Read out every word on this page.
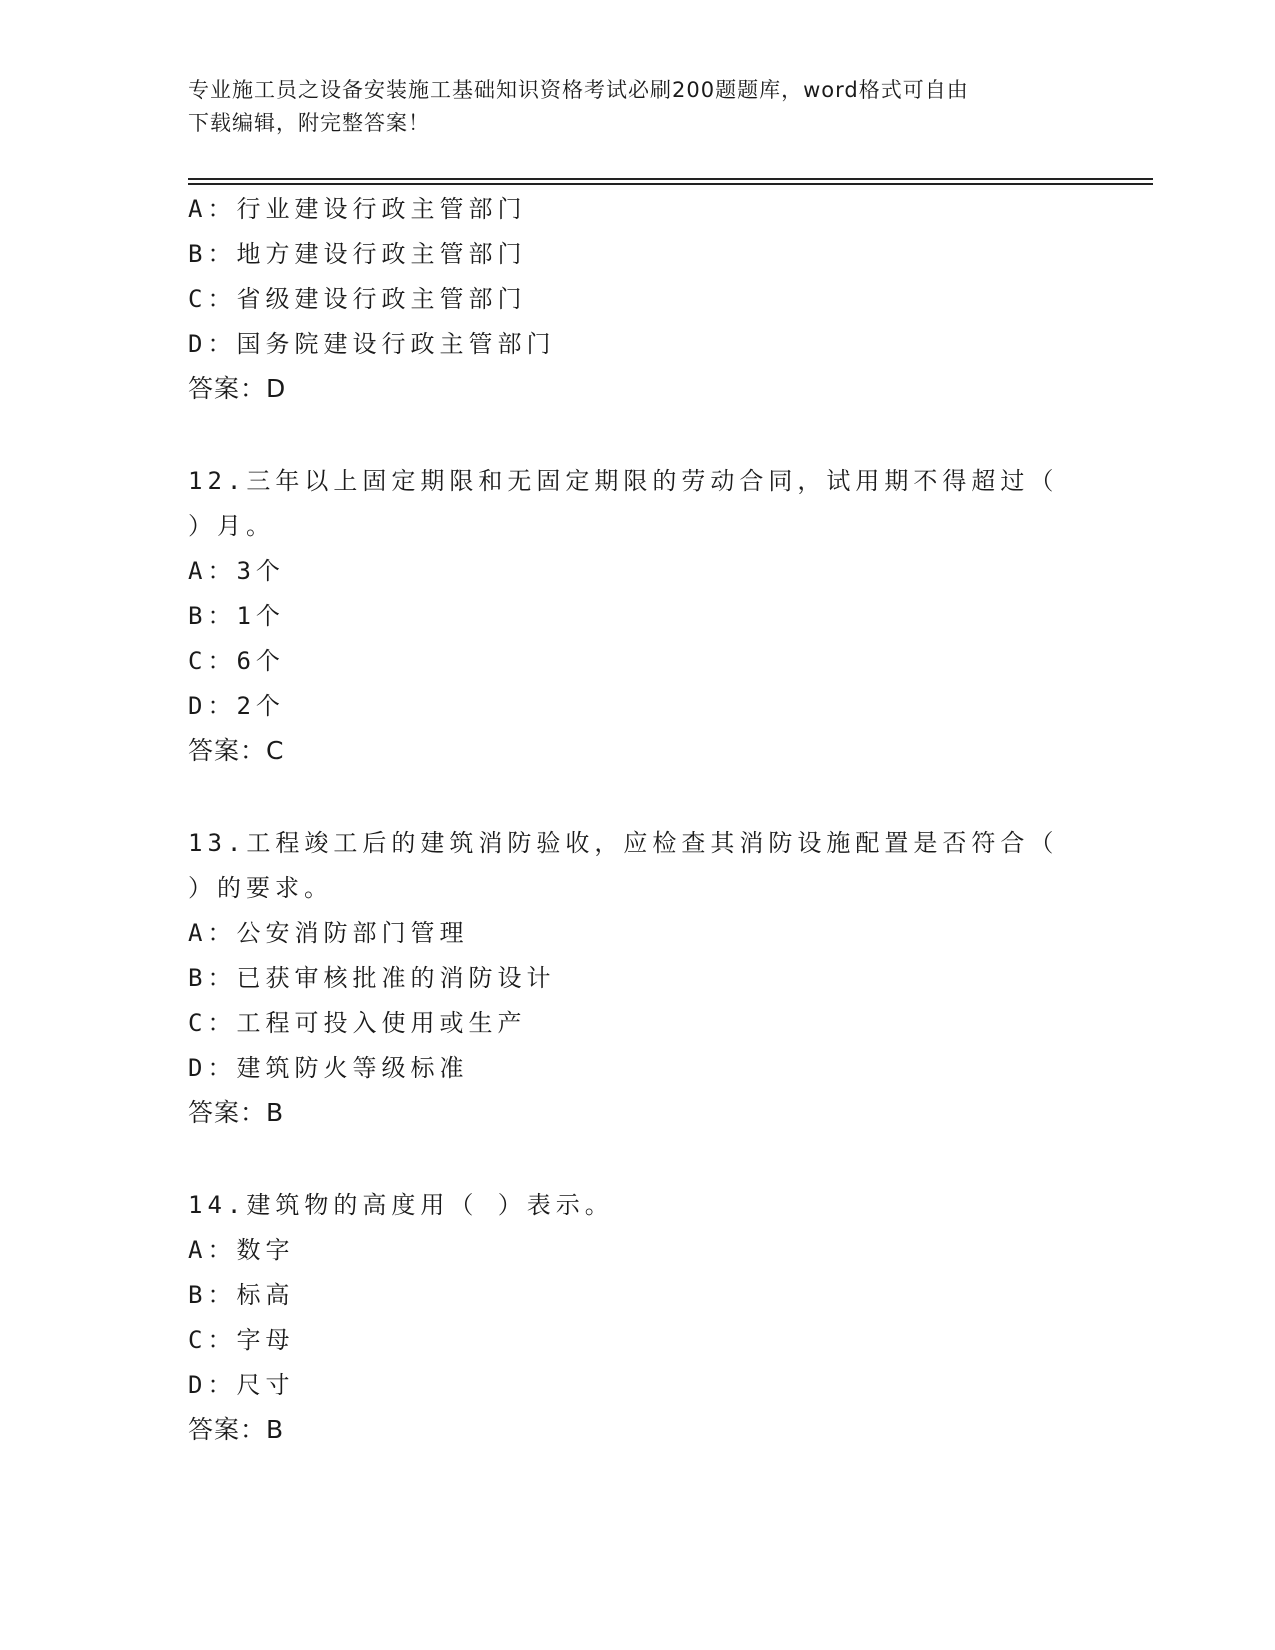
专业施工员之设备安装施工基础知识资格考试必刷200题题库，word格式可自由
下载编辑，附完整答案！
A：行业建设行政主管部门
B：地方建设行政主管部门
C：省级建设行政主管部门
D：国务院建设行政主管部门
答案：D
12.三年以上固定期限和无固定期限的劳动合同，试用期不得超过（
）月。
A：3个
B：1个
C：6个
D：2个
答案：C
13.工程竣工后的建筑消防验收，应检查其消防设施配置是否符合（
）的要求。
A：公安消防部门管理
B：已获审核批准的消防设计
C：工程可投入使用或生产
D：建筑防火等级标准
答案：B
14.建筑物的高度用（ ）表示。
A：数字
B：标高
C：字母
D：尺寸
答案：B
